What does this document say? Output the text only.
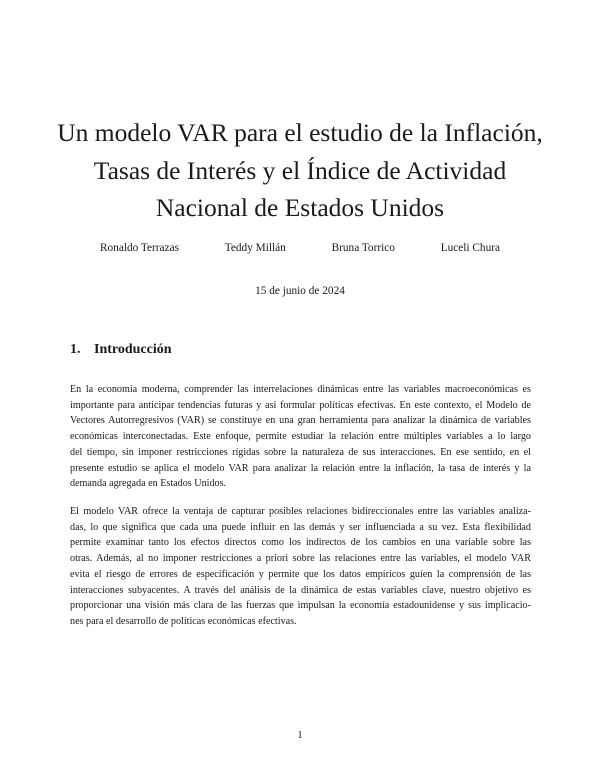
Un modelo VAR para el estudio de la Inflación,
Tasas de Interés y el Índice de Actividad
Nacional de Estados Unidos
Ronaldo Terrazas	Teddy Millán	Bruna Torrico	Luceli Chura
15 de junio de 2024
1. Introducción
En la economía moderna, comprender las interrelaciones dinámicas entre las variables macroeconómicas es
importante para anticipar tendencias futuras y así formular políticas efectivas. En este contexto, el Modelo de
Vectores Autorregresivos (VAR) se constituye en una gran herramienta para analizar la dinámica de variables
económicas interconectadas. Este enfoque, permite estudiar la relación entre múltiples variables a lo largo
del tiempo, sin imponer restricciones rígidas sobre la naturaleza de sus interacciones. En ese sentido, en el
presente estudio se aplica el modelo VAR para analizar la relación entre la inflación, la tasa de interés y la
demanda agregada en Estados Unidos.
El modelo VAR ofrece la ventaja de capturar posibles relaciones bidireccionales entre las variables analiza-
das, lo que significa que cada una puede influir en las demás y ser influenciada a su vez. Esta flexibilidad
permite examinar tanto los efectos directos como los indirectos de los cambios en una variable sobre las
otras. Además, al no imponer restricciones a priori sobre las relaciones entre las variables, el modelo VAR
evita el riesgo de errores de especificación y permite que los datos empíricos guíen la comprensión de las
interacciones subyacentes. A través del análisis de la dinámica de estas variables clave, nuestro objetivo es
proporcionar una visión más clara de las fuerzas que impulsan la economía estadounidense y sus implicacio-
nes para el desarrollo de políticas económicas efectivas.
1
